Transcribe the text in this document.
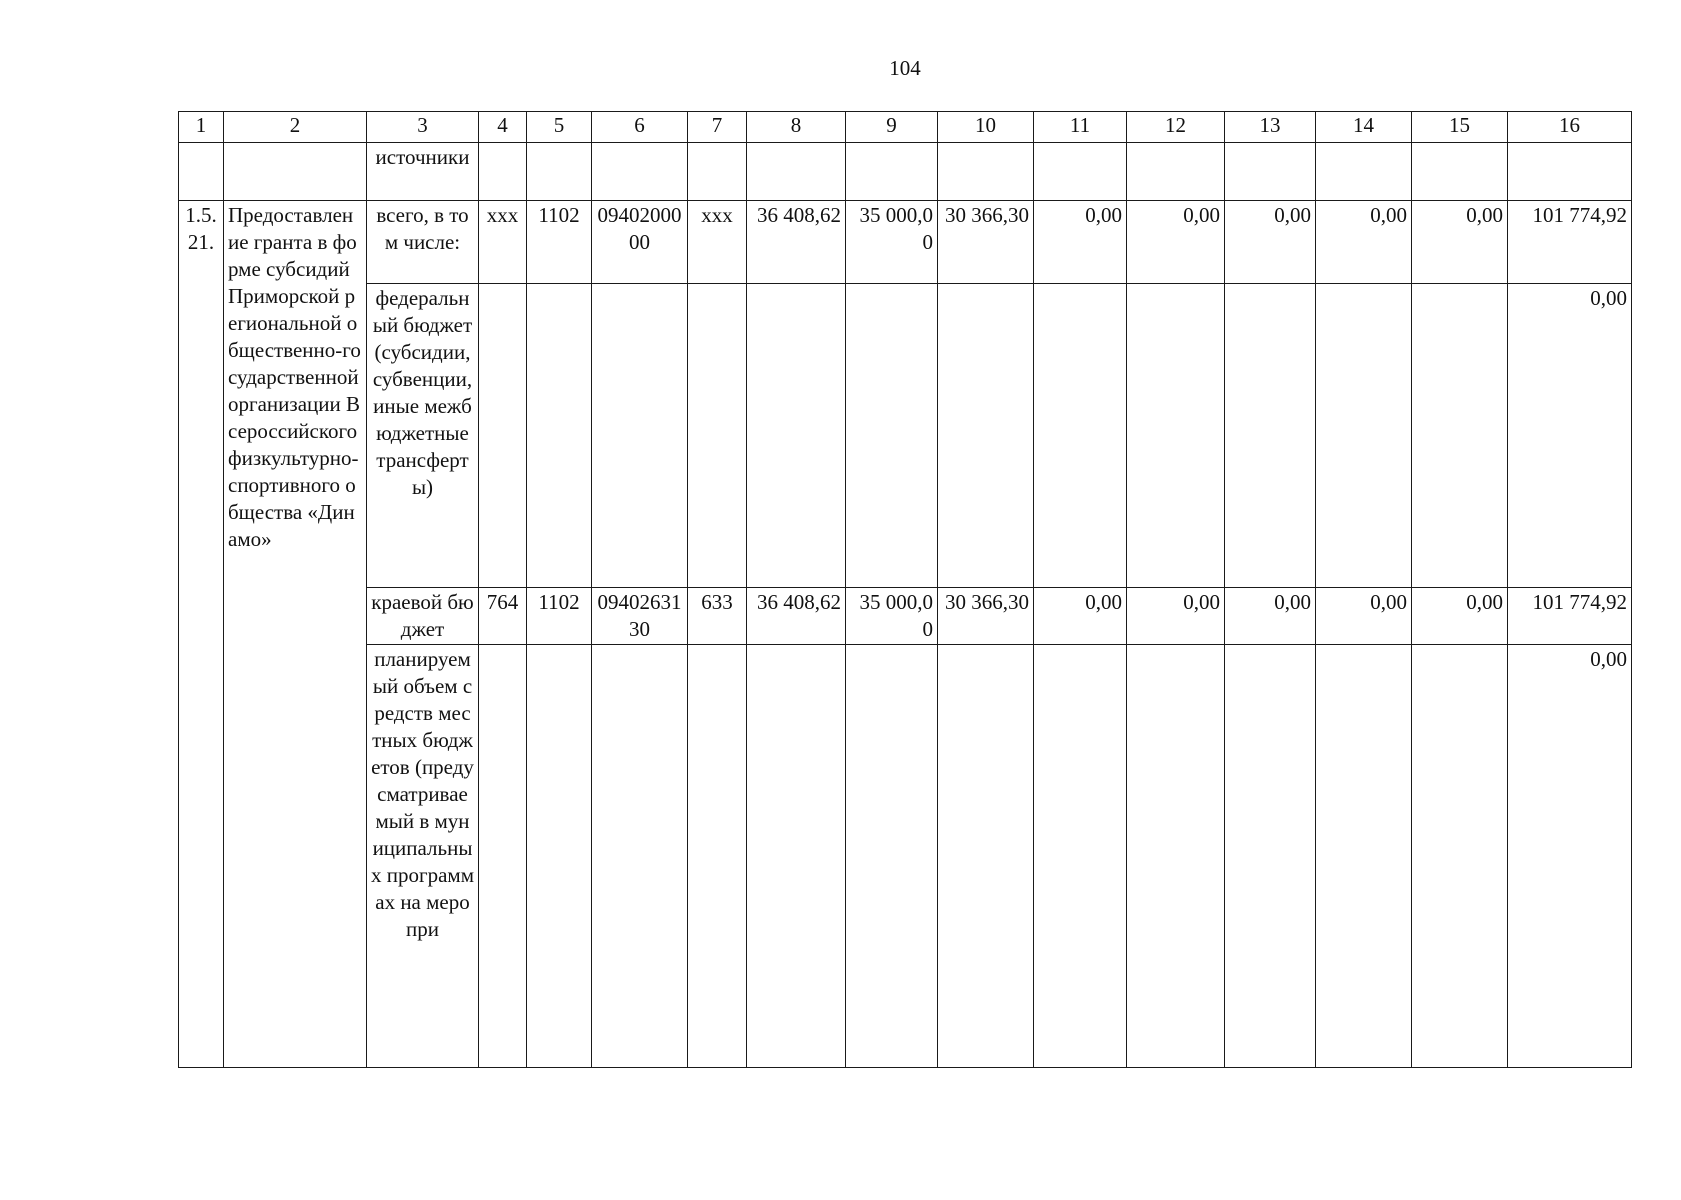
104
1	2	3	4	5	6	7	8	9	10	11	12	13	14	15	16
		источники													
1.5.21.	Предоставление гранта в форме субсидий Приморской региональной общественно-государственной организации Всероссийского физкультурно-спортивного общества «Динамо»	всего, в том числе:	ххх	1102	0940200000	ххх	36 408,62	35 000,00	30 366,30	0,00	0,00	0,00	0,00	0,00	101 774,92
		федеральный бюджет (субсидии, субвенции, иные межбюджетные трансферты)													0,00
		краевой бюджет	764	1102	0940263130	633	36 408,62	35 000,00	30 366,30	0,00	0,00	0,00	0,00	0,00	101 774,92
		планируемый объем средств местных бюджетов (предусматриваемый в муниципальных программах на меропри													0,00
